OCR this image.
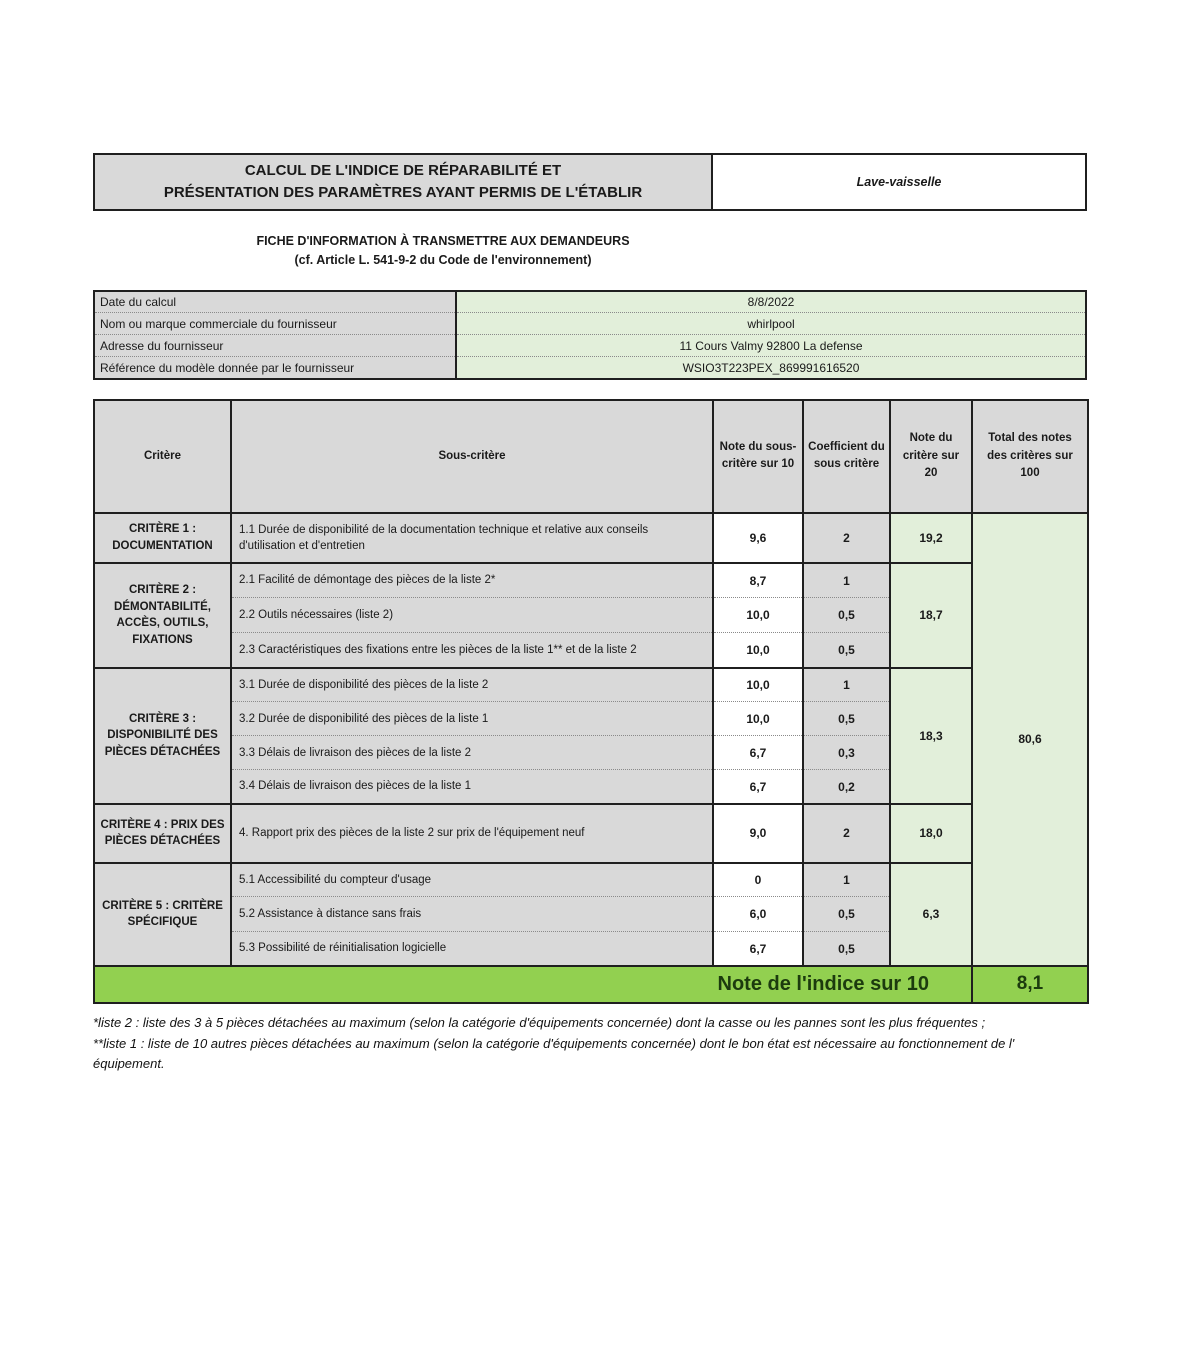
CALCUL DE L'INDICE DE RÉPARABILITÉ ET
PRÉSENTATION DES PARAMÈTRES AYANT PERMIS DE L'ÉTABLIR
Lave-vaisselle
FICHE D'INFORMATION À TRANSMETTRE AUX DEMANDEURS
(cf. Article L. 541-9-2 du Code de l'environnement)
Date du calcul	8/8/2022
Nom ou marque commerciale du fournisseur	whirlpool
Adresse du fournisseur	11 Cours Valmy 92800 La defense
Référence du modèle donnée par le fournisseur	WSIO3T223PEX_869991616520
Critère	Sous-critère	Note du sous-critère sur 10	Coefficient du sous critère	Note du critère sur 20	Total des notes des critères sur 100
CRITÈRE 1 : DOCUMENTATION	1.1 Durée de disponibilité de la documentation technique et relative aux conseils d'utilisation et d'entretien	9,6	2	19,2	80,6
CRITÈRE 2 : DÉMONTABILITÉ, ACCÈS, OUTILS, FIXATIONS	2.1 Facilité de démontage des pièces de la liste 2*	8,7	1	18,7	
	2.2 Outils nécessaires (liste 2)	10,0	0,5		
	2.3 Caractéristiques des fixations entre les pièces de la liste 1** et de la liste 2	10,0	0,5		
CRITÈRE 3 : DISPONIBILITÉ DES PIÈCES DÉTACHÉES	3.1 Durée de disponibilité des pièces de la liste 2	10,0	1	18,3	
	3.2 Durée de disponibilité des pièces de la liste 1	10,0	0,5		
	3.3 Délais de livraison des pièces de la liste 2	6,7	0,3		
	3.4 Délais de livraison des pièces de la liste 1	6,7	0,2		
CRITÈRE 4 : PRIX DES PIÈCES DÉTACHÉES	4. Rapport prix des pièces de la liste 2 sur prix de l'équipement neuf	9,0	2	18,0	
CRITÈRE 5 : CRITÈRE SPÉCIFIQUE	5.1 Accessibilité du compteur d'usage	0	1	6,3	
	5.2 Assistance à distance sans frais	6,0	0,5		
	5.3 Possibilité de réinitialisation logicielle	6,7	0,5		
Note de l'indice sur 10					8,1

*liste 2 : liste des 3 à 5 pièces détachées au maximum (selon la catégorie d'équipements concernée) dont la casse ou les pannes sont les plus fréquentes ;

**liste 1 : liste de 10 autres pièces détachées au maximum (selon la catégorie d'équipements concernée) dont le bon état est nécessaire au fonctionnement de l' équipement.
